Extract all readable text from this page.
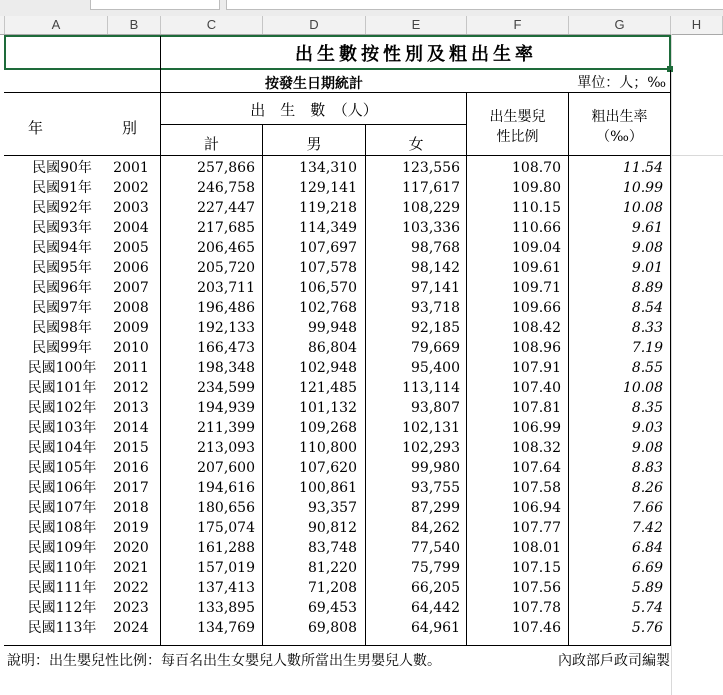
A	B	C	D	E	F	G	H
出生數按性別及粗出生率
按發生日期統計	單位：人；‰
年	別
出　生　數　（人）
計	男	女
出生嬰兒
性比例
粗出生率
（‰）
民國90年	2001	257,866	134,310	123,556	108.70	11.54
民國91年	2002	246,758	129,141	117,617	109.80	10.99
民國92年	2003	227,447	119,218	108,229	110.15	10.08
民國93年	2004	217,685	114,349	103,336	110.66	9.61
民國94年	2005	206,465	107,697	98,768	109.04	9.08
民國95年	2006	205,720	107,578	98,142	109.61	9.01
民國96年	2007	203,711	106,570	97,141	109.71	8.89
民國97年	2008	196,486	102,768	93,718	109.66	8.54
民國98年	2009	192,133	99,948	92,185	108.42	8.33
民國99年	2010	166,473	86,804	79,669	108.96	7.19
民國100年	2011	198,348	102,948	95,400	107.91	8.55
民國101年	2012	234,599	121,485	113,114	107.40	10.08
民國102年	2013	194,939	101,132	93,807	107.81	8.35
民國103年	2014	211,399	109,268	102,131	106.99	9.03
民國104年	2015	213,093	110,800	102,293	108.32	9.08
民國105年	2016	207,600	107,620	99,980	107.64	8.83
民國106年	2017	194,616	100,861	93,755	107.58	8.26
民國107年	2018	180,656	93,357	87,299	106.94	7.66
民國108年	2019	175,074	90,812	84,262	107.77	7.42
民國109年	2020	161,288	83,748	77,540	108.01	6.84
民國110年	2021	157,019	81,220	75,799	107.15	6.69
民國111年	2022	137,413	71,208	66,205	107.56	5.89
民國112年	2023	133,895	69,453	64,442	107.78	5.74
民國113年	2024	134,769	69,808	64,961	107.46	5.76
說明：出生嬰兒性比例：每百名出生女嬰兒人數所當出生男嬰兒人數。	內政部戶政司編製
